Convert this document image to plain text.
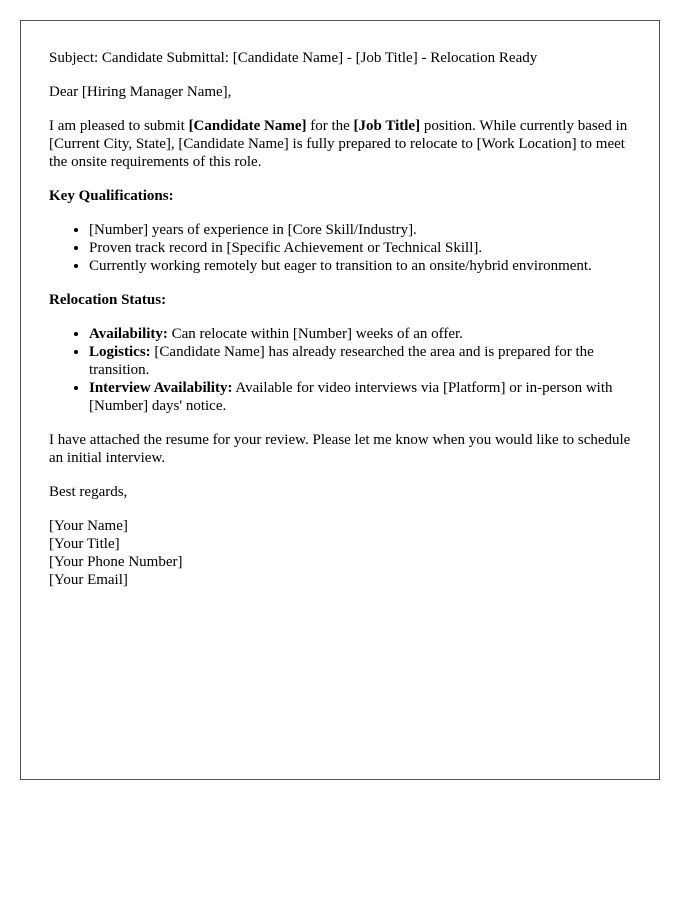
Subject: Candidate Submittal: [Candidate Name] - [Job Title] - Relocation Ready

Dear [Hiring Manager Name],

I am pleased to submit [Candidate Name] for the [Job Title] position. While currently based in [Current City, State], [Candidate Name] is fully prepared to relocate to [Work Location] to meet the onsite requirements of this role.

Key Qualifications:

• [Number] years of experience in [Core Skill/Industry].
• Proven track record in [Specific Achievement or Technical Skill].
• Currently working remotely but eager to transition to an onsite/hybrid environment.

Relocation Status:

• Availability: Can relocate within [Number] weeks of an offer.
• Logistics: [Candidate Name] has already researched the area and is prepared for the transition.
• Interview Availability: Available for video interviews via [Platform] or in-person with [Number] days' notice.

I have attached the resume for your review. Please let me know when you would like to schedule an initial interview.

Best regards,

[Your Name]

[Your Title]

[Your Phone Number]

[Your Email]
